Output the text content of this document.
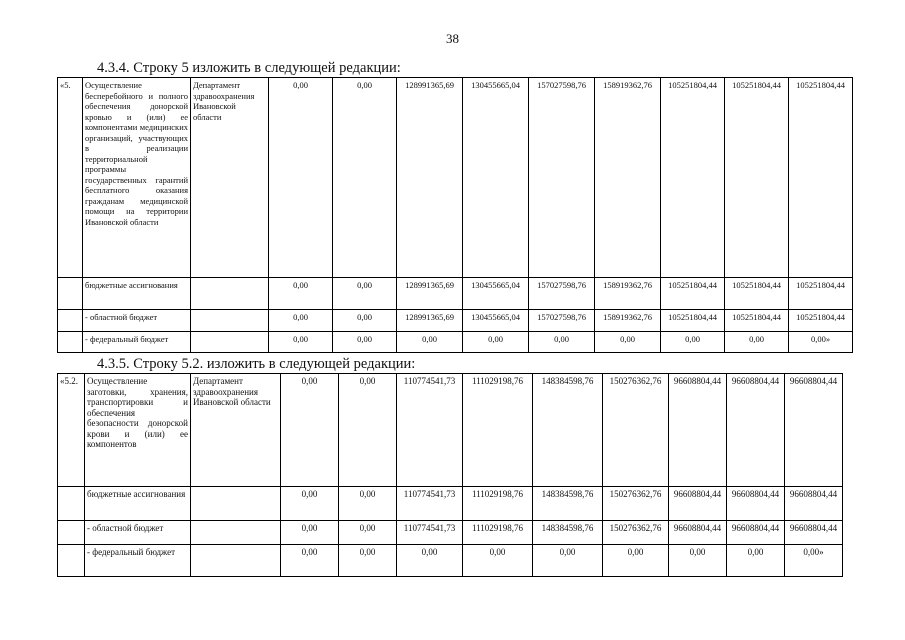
38
4.3.4. Строку 5 изложить в следующей редакции:
«5.	Осуществление бесперебойного и полного обеспечения донорской кровью и (или) ее компонентами медицинских организаций, участвующих в реализации территориальной программы государственных гарантий бесплатного оказания гражданам медицинской помощи на территории Ивановской области	Департамент здравоохранения Ивановской области	0,00	0,00	128991365,69	130455665,04	157027598,76	158919362,76	105251804,44	105251804,44	105251804,44
	бюджетные ассигнования		0,00	0,00	128991365,69	130455665,04	157027598,76	158919362,76	105251804,44	105251804,44	105251804,44
	- областной бюджет		0,00	0,00	128991365,69	130455665,04	157027598,76	158919362,76	105251804,44	105251804,44	105251804,44
	- федеральный бюджет		0,00	0,00	0,00	0,00	0,00	0,00	0,00	0,00	0,00»
4.3.5. Строку 5.2. изложить в следующей редакции:
«5.2.	Осуществление заготовки, хранения, транспортировки и обеспечения безопасности донорской крови и (или) ее компонентов	Департамент здравоохранения Ивановской области	0,00	0,00	110774541,73	111029198,76	148384598,76	150276362,76	96608804,44	96608804,44	96608804,44
	бюджетные ассигнования		0,00	0,00	110774541,73	111029198,76	148384598,76	150276362,76	96608804,44	96608804,44	96608804,44
	- областной бюджет		0,00	0,00	110774541,73	111029198,76	148384598,76	150276362,76	96608804,44	96608804,44	96608804,44
	- федеральный бюджет		0,00	0,00	0,00	0,00	0,00	0,00	0,00	0,00	0,00»
